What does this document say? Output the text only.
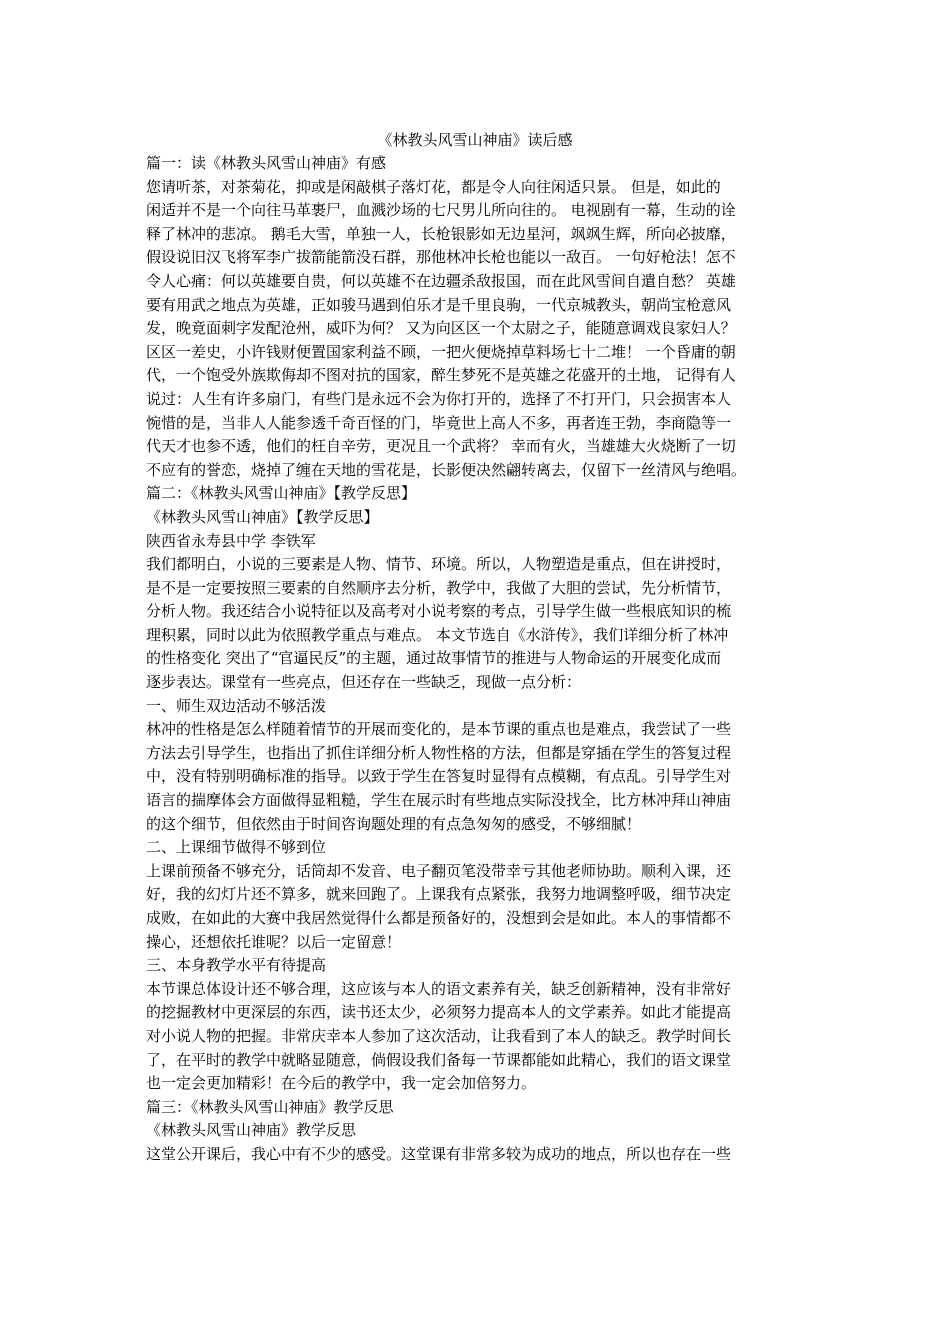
《林教头风雪山神庙》读后感
篇一：读《林教头风雪山神庙》有感
您请听茶，对茶菊花，抑或是闲敲棋子落灯花，都是令人向往闲适只景。 但是，如此的
闲适并不是一个向往马革裹尸，血溅沙场的七尺男儿所向往的。 电视剧有一幕，生动的诠
释了林冲的悲凉。 鹅毛大雪，单独一人，长枪银影如无边星河，飒飒生辉，所向必披靡，
假设说旧汉飞将军李广拔箭能箭没石群，那他林冲长枪也能以一敌百。 一句好枪法！怎不
令人心痛：何以英雄要自贵，何以英雄不在边疆杀敌报国，而在此风雪间自遣自愁？ 英雄
要有用武之地点为英雄，正如骏马遇到伯乐才是千里良驹，一代京城教头，朝尚宝枪意风
发，晚竟面刺字发配沧州，威吓为何？ 又为向区区一个太尉之子，能随意调戏良家妇人？
区区一差史，小许钱财便置国家利益不顾，一把火便烧掉草料场七十二堆！ 一个昏庸的朝
代，一个饱受外族欺侮却不图对抗的国家，醉生梦死不是英雄之花盛开的土地， 记得有人
说过：人生有许多扇门，有些门是永远不会为你打开的，选择了不打开门，只会损害本人
惋惜的是，当非人人能参透千奇百怪的门，毕竟世上高人不多，再者连王勃，李商隐等一
代天才也参不透，他们的枉自辛劳，更况且一个武将？ 幸而有火，当雄雄大火烧断了一切
不应有的誉恋，烧掉了缠在天地的雪花是，长影便决然翩转离去，仅留下一丝清风与绝唱。
篇二：《林教头风雪山神庙》【教学反思】
《林教头风雪山神庙》【教学反思】
陕西省永寿县中学 李铁军
我们都明白，小说的三要素是人物、情节、环境。所以，人物塑造是重点，但在讲授时，
是不是一定要按照三要素的自然顺序去分析，教学中，我做了大胆的尝试，先分析情节，
分析人物。我还结合小说特征以及高考对小说考察的考点，引导学生做一些根底知识的梳
理积累，同时以此为依照教学重点与难点。 本文节选自《水浒传》，我们详细分析了林冲
的性格变化 突出了“官逼民反”的主题，通过故事情节的推进与人物命运的开展变化成而
逐步表达。课堂有一些亮点，但还存在一些缺乏，现做一点分析：
一、师生双边活动不够活泼
林冲的性格是怎么样随着情节的开展而变化的，是本节课的重点也是难点，我尝试了一些
方法去引导学生，也指出了抓住详细分析人物性格的方法，但都是穿插在学生的答复过程
中，没有特别明确标准的指导。以致于学生在答复时显得有点模糊，有点乱。引导学生对
语言的揣摩体会方面做得显粗糙，学生在展示时有些地点实际没找全，比方林冲拜山神庙
的这个细节，但依然由于时间咨询题处理的有点急匆匆的感受，不够细腻！
二、上课细节做得不够到位
上课前预备不够充分，话筒却不发音、电子翻页笔没带幸亏其他老师协助。顺利入课，还
好，我的幻灯片还不算多，就来回跑了。上课我有点紧张，我努力地调整呼吸，细节决定
成败，在如此的大赛中我居然觉得什么都是预备好的，没想到会是如此。本人的事情都不
操心，还想依托谁呢？以后一定留意！
三、本身教学水平有待提高
本节课总体设计还不够合理，这应该与本人的语文素养有关，缺乏创新精神，没有非常好
的挖掘教材中更深层的东西，读书还太少，必须努力提高本人的文学素养。如此才能提高
对小说人物的把握。非常庆幸本人参加了这次活动，让我看到了本人的缺乏。教学时间长
了，在平时的教学中就略显随意，倘假设我们备每一节课都能如此精心，我们的语文课堂
也一定会更加精彩！在今后的教学中，我一定会加倍努力。
篇三：《林教头风雪山神庙》教学反思
《林教头风雪山神庙》教学反思
这堂公开课后，我心中有不少的感受。这堂课有非常多较为成功的地点，所以也存在一些
